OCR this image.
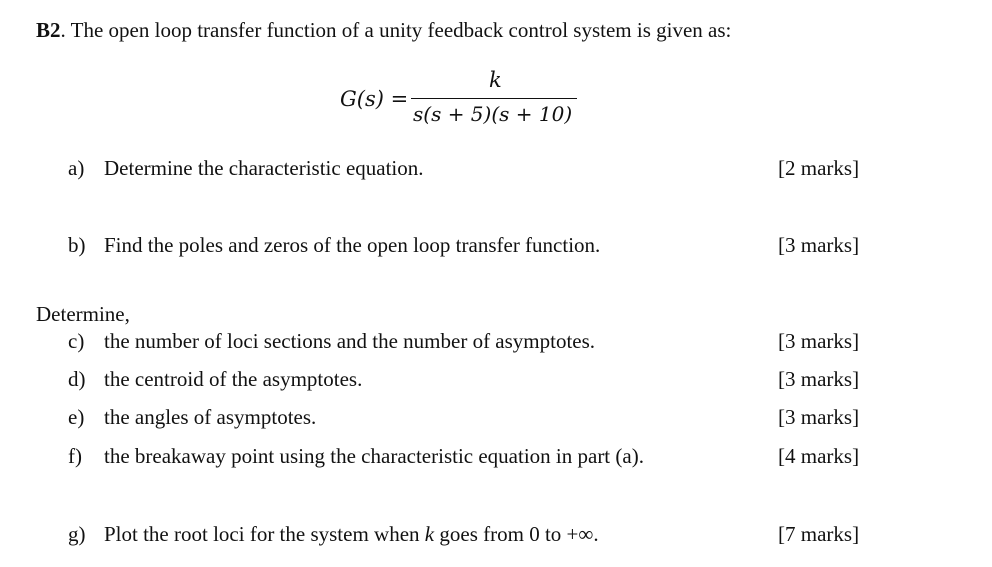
B2. The open loop transfer function of a unity feedback control system is given as:
G(s) =
k
s(s + 5)(s + 10)
a) Determine the characteristic equation.	[2 marks]
b) Find the poles and zeros of the open loop transfer function.	[3 marks]
Determine,
c) the number of loci sections and the number of asymptotes.	[3 marks]
d) the centroid of the asymptotes.	[3 marks]
e) the angles of asymptotes.	[3 marks]
f) the breakaway point using the characteristic equation in part (a).	[4 marks]
g) Plot the root loci for the system when k goes from 0 to +∞.	[7 marks]
